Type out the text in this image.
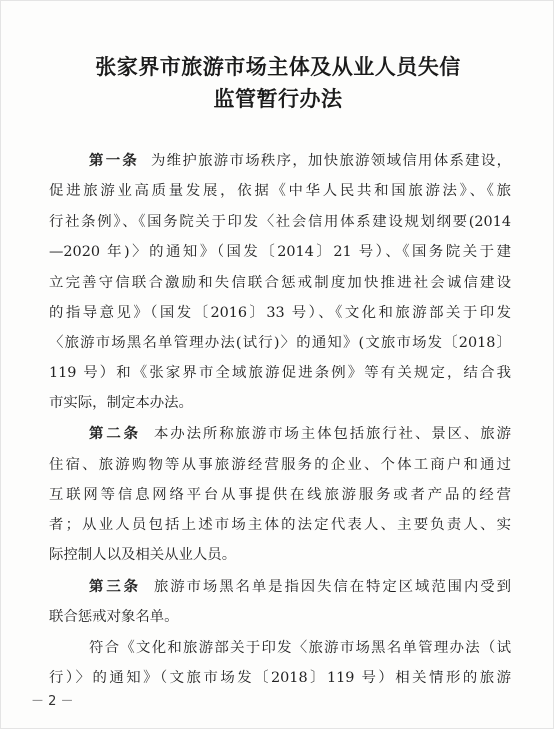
张家界市旅游市场主体及从业人员失信
监管暂行办法
第一条 为维护旅游市场秩序，加快旅游领域信用体系建设，
促进旅游业高质量发展，依据《中华人民共和国旅游法》、《旅
行社条例》、《国务院关于印发〈社会信用体系建设规划纲要(2014
—2020 年)〉的通知》（国发〔2014〕21 号）、《国务院关于建
立完善守信联合激励和失信联合惩戒制度加快推进社会诚信建设
的指导意见》（国发〔2016〕33 号）、《文化和旅游部关于印发
〈旅游市场黑名单管理办法(试行)〉的通知》(文旅市场发〔2018〕
119 号）和《张家界市全域旅游促进条例》等有关规定，结合我
市实际，制定本办法。
第二条 本办法所称旅游市场主体包括旅行社、景区、旅游
住宿、旅游购物等从事旅游经营服务的企业、个体工商户和通过
互联网等信息网络平台从事提供在线旅游服务或者产品的经营
者；从业人员包括上述市场主体的法定代表人、主要负责人、实
际控制人以及相关从业人员。
第三条 旅游市场黑名单是指因失信在特定区域范围内受到
联合惩戒对象名单。
符合《文化和旅游部关于印发〈旅游市场黑名单管理办法（试
行）〉的通知》（文旅市场发〔2018〕119 号）相关情形的旅游
－ 2 －
